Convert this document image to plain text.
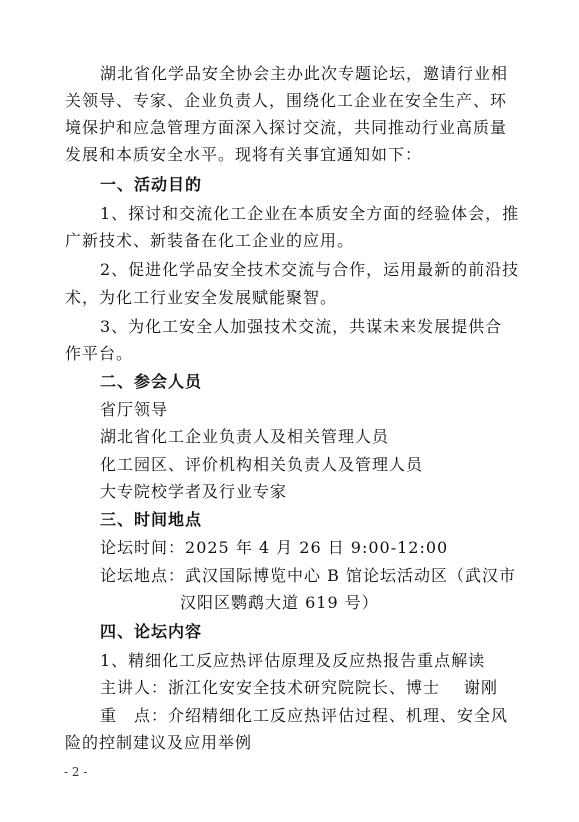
湖北省化学品安全协会主办此次专题论坛，邀请行业相
关领导、专家、企业负责人，围绕化工企业在安全生产、环
境保护和应急管理方面深入探讨交流，共同推动行业高质量
发展和本质安全水平。现将有关事宜通知如下：
一、活动目的
1、探讨和交流化工企业在本质安全方面的经验体会，推
广新技术、新装备在化工企业的应用。
2、促进化学品安全技术交流与合作，运用最新的前沿技
术，为化工行业安全发展赋能聚智。
3、为化工安全人加强技术交流，共谋未来发展提供合
作平台。
二、参会人员
省厅领导
湖北省化工企业负责人及相关管理人员
化工园区、评价机构相关负责人及管理人员
大专院校学者及行业专家
三、时间地点
论坛时间： 2025 年 4 月 26 日 9:00-12:00
论坛地点： 武汉国际博览中心 B 馆论坛活动区（武汉市
汉阳区鹦鹉大道 619 号）
四、论坛内容
1、精细化工反应热评估原理及反应热报告重点解读
主讲人： 浙江化安安全技术研究院院长、博士 谢刚
重　点： 介绍精细化工反应热评估过程、机理、安全风
险的控制建议及应用举例
- 2 -
